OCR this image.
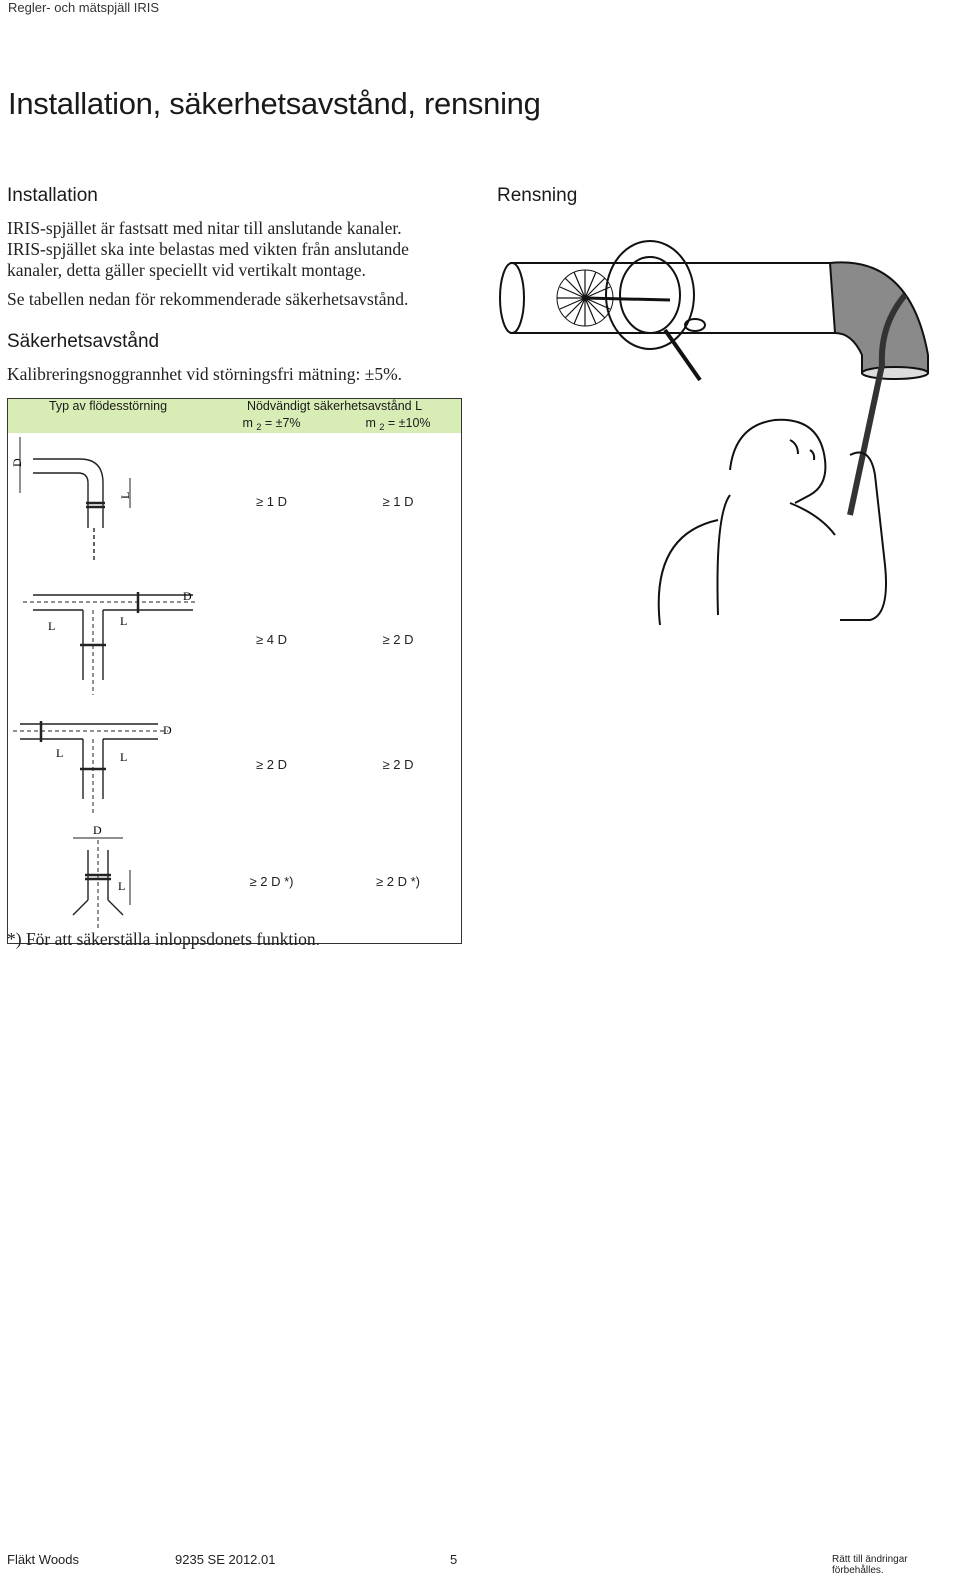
Regler- och mätspjäll IRIS
Installation, säkerhetsavstånd, rensning
Installation

IRIS-spjället är fastsatt med nitar till anslutande kanaler.

IRIS-spjället ska inte belastas med vikten från anslutande

kanaler, detta gäller speciellt vid vertikalt montage.

Se tabellen nedan för rekommenderade säkerhetsavstånd.
Säkerhetsavstånd
Kalibreringsnoggrannhet vid störningsfri mätning: ±5%.
Rensning
Typ av flödesstörning	Nödvändigt säkerhetsavstånd L	
	m $_2$ = ±7%	m $_2$ = ±10%

D
L	≥ 1 D	≥ 1 D

D
L L	≥ 4 D	≥ 2 D

D
L L	≥ 2 D	≥ 2 D

D
L	≥ 2 D *)	≥ 2 D *)
*) För att säkerställa inloppsdonets funktion.
Fläkt Woods	9235 SE 2012.01	5	Rätt till ändringar förbehålles.
